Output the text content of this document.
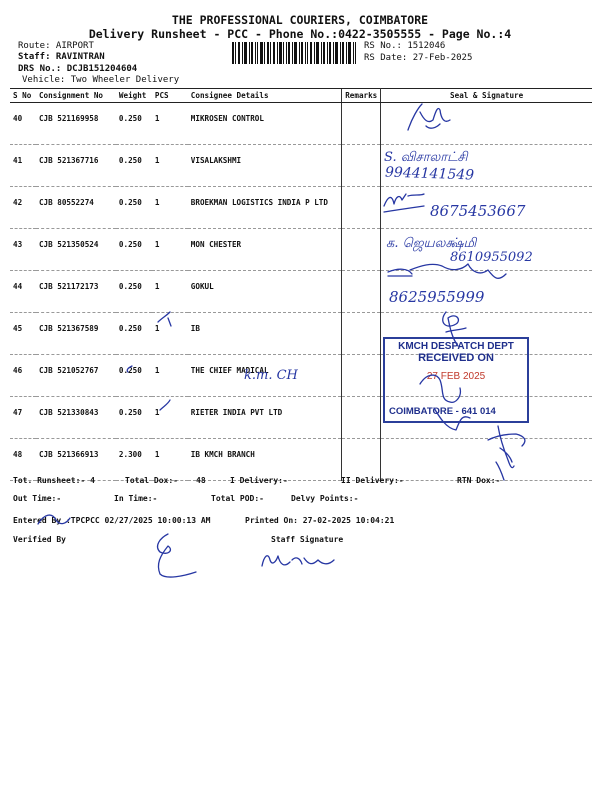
THE PROFESSIONAL COURIERS, COIMBATORE
Delivery Runsheet - PCC - Phone No.:0422-3505555 - Page No.:4
Route: AIRPORT
Staff: RAVINTRAN
DRS No.: DCJB151204604
Vehicle: Two Wheeler Delivery
RS No.: 1512046
RS Date: 27-Feb-2025
S No	Consignment No	Weight	PCS	Consignee Details	Remarks	Seal & Signature
40	CJB 521169958	0.250	1	MIKROSEN CONTROL		
41	CJB 521367716	0.250	1	VISALAKSHMI		
42	CJB 80552274	0.250	1	BROEKMAN LOGISTICS INDIA P LTD		
43	CJB 521350524	0.250	1	MON CHESTER		
44	CJB 521172173	0.250	1	GOKUL		
45	CJB 521367589	0.250	1	IB		
46	CJB 521052767	0.250	1	THE CHIEF MADICAL		
47	CJB 521330843	0.250	1	RIETER INDIA PVT LTD		
48	CJB 521366913	2.300	1	IB KMCH BRANCH		
Tot. Runsheet:- 4	Total Dox:- 48	I Delivery:-	II Delivery:-	RTN Dox:-
Out Time:-	In Time:-	Total POD:-	Delvy Points:-
Entered By :TPCPCC 02/27/2025 10:00:13 AM	Printed On: 27-02-2025 10:04:21
Verified By	Staff Signature
KMCH DESPATCH DEPT
RECEIVED ON
27 FEB 2025
COIMBATORE - 641 014
S. விசாலாட்சி
9944141549
8675453667
க. ஜெயலக்ஷ்மி
8610955092
8625955999
k.m. CH
